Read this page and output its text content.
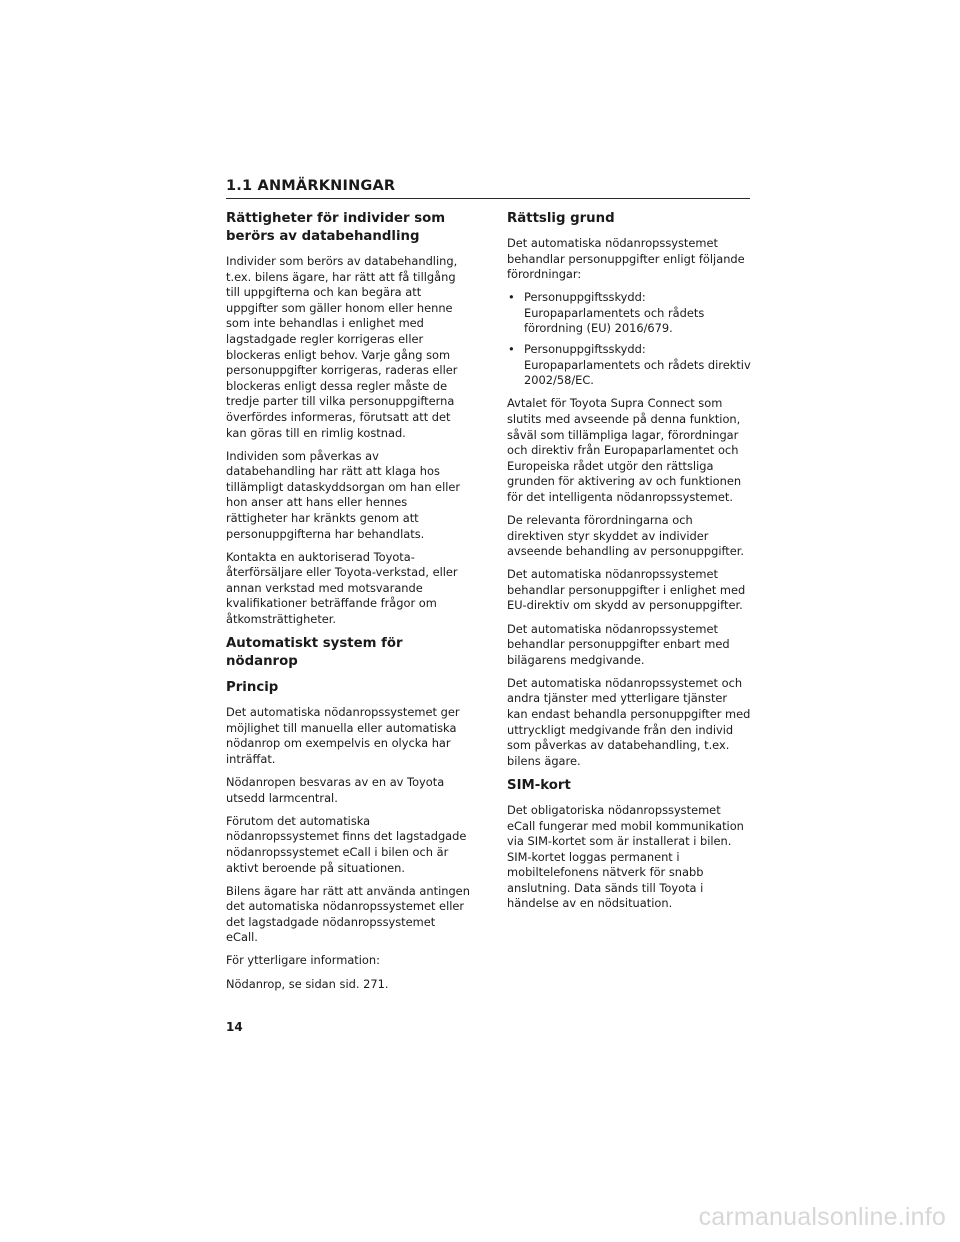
1.1 ANMÄRKNINGAR
Rättigheter för individer som berörs av databehandling

Individer som berörs av databehandling, t.ex. bilens ägare, har rätt att få tillgång till uppgifterna och kan begära att uppgifter som gäller honom eller henne som inte behandlas i enlighet med lagstadgade regler korrigeras eller blockeras enligt behov. Varje gång som personuppgifter korrigeras, raderas eller blockeras enligt dessa regler måste de tredje parter till vilka personuppgifterna överfördes informeras, förutsatt att det kan göras till en rimlig kostnad.

Individen som påverkas av databehandling har rätt att klaga hos tillämpligt dataskyddsorgan om han eller hon anser att hans eller hennes rättigheter har kränkts genom att personuppgifterna har behandlats.

Kontakta en auktoriserad Toyota-återförsäljare eller Toyota-verkstad, eller annan verkstad med motsvarande kvalifikationer beträffande frågor om åtkomsträttigheter.

Automatiskt system för nödanrop
Princip

Det automatiska nödanropssystemet ger möjlighet till manuella eller automatiska nödanrop om exempelvis en olycka har inträffat.

Nödanropen besvaras av en av Toyota utsedd larmcentral.

Förutom det automatiska nödanropssystemet finns det lagstadgade nödanropssystemet eCall i bilen och är aktivt beroende på situationen.

Bilens ägare har rätt att använda antingen det automatiska nödanropssystemet eller det lagstadgade nödanropssystemet eCall.

För ytterligare information:

Nödanrop, se sidan sid. 271.

Rättslig grund

Det automatiska nödanropssystemet behandlar personuppgifter enligt följande förordningar:

• Personuppgiftsskydd: Europaparlamentets och rådets förordning (EU) 2016/679.
• Personuppgiftsskydd: Europaparlamentets och rådets direktiv 2002/58/EC.

Avtalet för Toyota Supra Connect som slutits med avseende på denna funktion, såväl som tillämpliga lagar, förordningar och direktiv från Europaparlamentet och Europeiska rådet utgör den rättsliga grunden för aktivering av och funktionen för det intelligenta nödanropssystemet.

De relevanta förordningarna och direktiven styr skyddet av individer avseende behandling av personuppgifter.

Det automatiska nödanropssystemet behandlar personuppgifter i enlighet med EU-direktiv om skydd av personuppgifter.

Det automatiska nödanropssystemet behandlar personuppgifter enbart med bilägarens medgivande.

Det automatiska nödanropssystemet och andra tjänster med ytterligare tjänster kan endast behandla personuppgifter med uttryckligt medgivande från den individ som påverkas av databehandling, t.ex. bilens ägare.

SIM-kort

Det obligatoriska nödanropssystemet eCall fungerar med mobil kommunikation via SIM-kortet som är installerat i bilen. SIM-kortet loggas permanent i mobiltelefonens nätverk för snabb anslutning. Data sänds till Toyota i händelse av en nödsituation.

14
carmanualsonline.info
